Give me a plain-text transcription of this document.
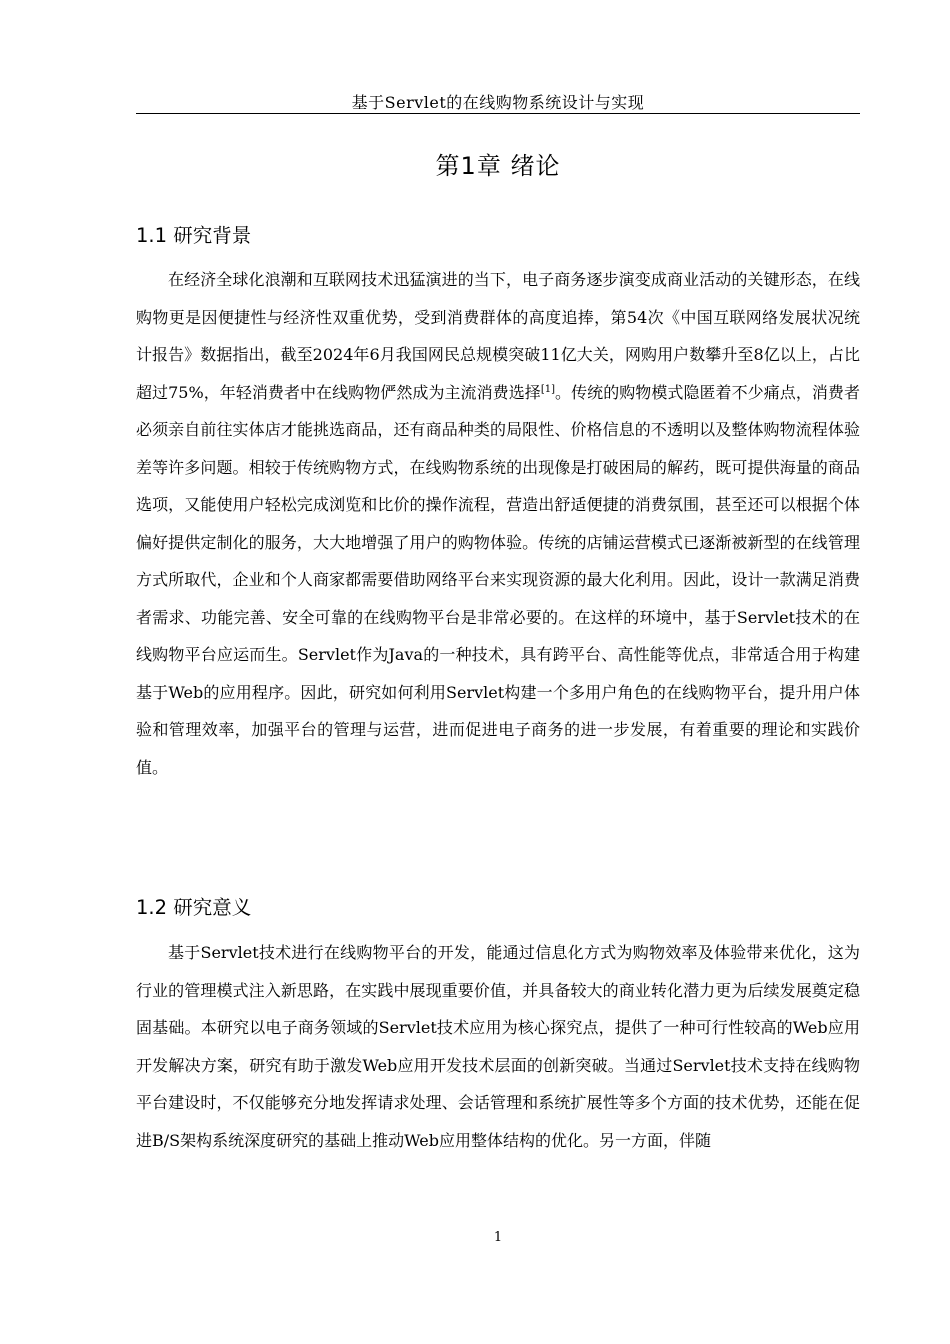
基于Servlet的在线购物系统设计与实现
第1章 绪论
1.1 研究背景

在经济全球化浪潮和互联网技术迅猛演进的当下，电子商务逐步演变成商业活动的关键形态，在线购物更是因便捷性与经济性双重优势，受到消费群体的高度追捧，第54次《中国互联网络发展状况统计报告》数据指出，截至2024年6月我国网民总规模突破11亿大关，网购用户数攀升至8亿以上，占比超过75%，年轻消费者中在线购物俨然成为主流消费选择[1]。传统的购物模式隐匿着不少痛点，消费者必须亲自前往实体店才能挑选商品，还有商品种类的局限性、价格信息的不透明以及整体购物流程体验差等许多问题。相较于传统购物方式，在线购物系统的出现像是打破困局的解药，既可提供海量的商品选项，又能使用户轻松完成浏览和比价的操作流程，营造出舒适便捷的消费氛围，甚至还可以根据个体偏好提供定制化的服务，大大地增强了用户的购物体验。传统的店铺运营模式已逐渐被新型的在线管理方式所取代，企业和个人商家都需要借助网络平台来实现资源的最大化利用。因此，设计一款满足消费者需求、功能完善、安全可靠的在线购物平台是非常必要的。在这样的环境中，基于Servlet技术的在线购物平台应运而生。Servlet作为Java的一种技术，具有跨平台、高性能等优点，非常适合用于构建基于Web的应用程序。因此，研究如何利用Servlet构建一个多用户角色的在线购物平台，提升用户体验和管理效率，加强平台的管理与运营，进而促进电子商务的进一步发展，有着重要的理论和实践价值。

1.2 研究意义

基于Servlet技术进行在线购物平台的开发，能通过信息化方式为购物效率及体验带来优化，这为行业的管理模式注入新思路，在实践中展现重要价值，并具备较大的商业转化潜力更为后续发展奠定稳固基础。本研究以电子商务领域的Servlet技术应用为核心探究点，提供了一种可行性较高的Web应用开发解决方案，研究有助于激发Web应用开发技术层面的创新突破。当通过Servlet技术支持在线购物平台建设时，不仅能够充分地发挥请求处理、会话管理和系统扩展性等多个方面的技术优势，还能在促进B/S架构系统深度研究的基础上推动Web应用整体结构的优化。另一方面，伴随

1
